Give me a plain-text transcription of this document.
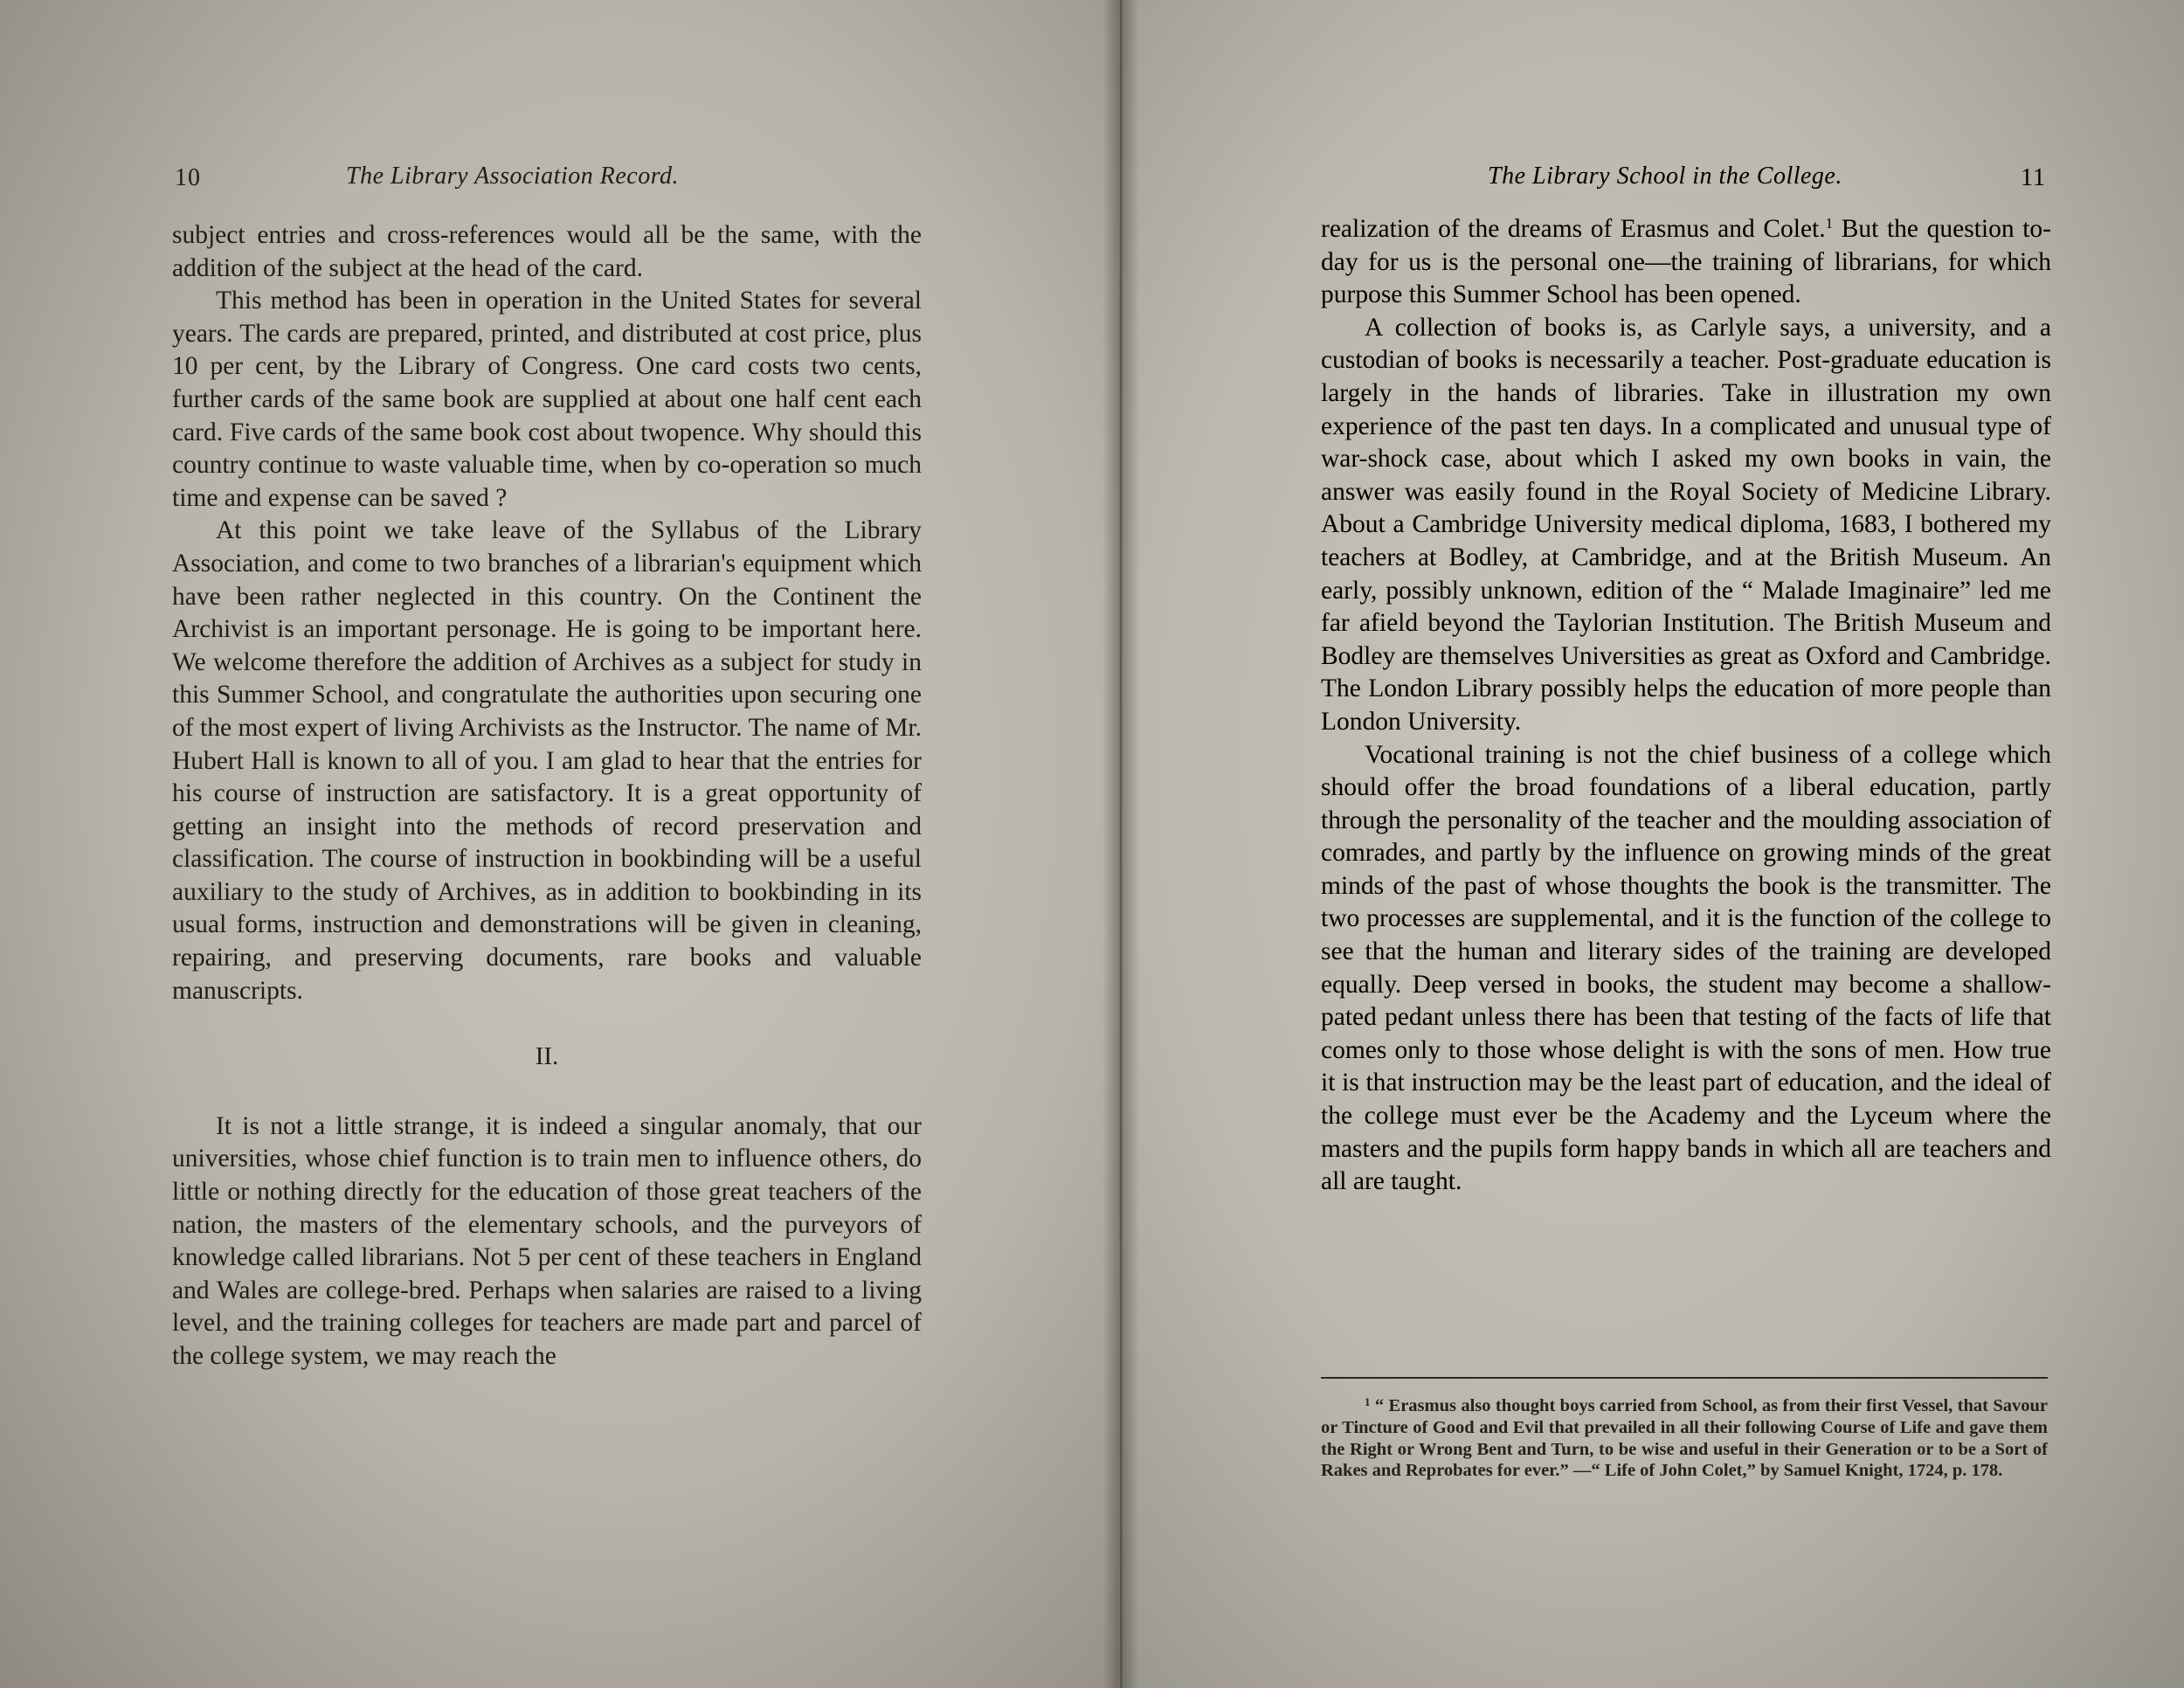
10	The Library Association Record.

subject entries and cross-references would all be the same, with the addition of the subject at the head of the card.

This method has been in operation in the United States for several years. The cards are prepared, printed, and distributed at cost price, plus 10 per cent, by the Library of Congress. One card costs two cents, further cards of the same book are supplied at about one half cent each card. Five cards of the same book cost about twopence. Why should this country continue to waste valuable time, when by co-operation so much time and expense can be saved ?

At this point we take leave of the Syllabus of the Library Association, and come to two branches of a librarian's equipment which have been rather neglected in this country. On the Continent the Archivist is an important personage. He is going to be important here. We welcome therefore the addition of Archives as a subject for study in this Summer School, and congratulate the authorities upon securing one of the most expert of living Archivists as the Instructor. The name of Mr. Hubert Hall is known to all of you. I am glad to hear that the entries for his course of instruction are satisfactory. It is a great opportunity of getting an insight into the methods of record preservation and classification. The course of instruction in bookbinding will be a useful auxiliary to the study of Archives, as in addition to bookbinding in its usual forms, instruction and demonstrations will be given in cleaning, repairing, and preserving documents, rare books and valuable manuscripts.

II.

It is not a little strange, it is indeed a singular anomaly, that our universities, whose chief function is to train men to influence others, do little or nothing directly for the education of those great teachers of the nation, the masters of the elementary schools, and the purveyors of knowledge called librarians. Not 5 per cent of these teachers in England and Wales are college-bred. Perhaps when salaries are raised to a living level, and the training colleges for teachers are made part and parcel of the college system, we may reach the

The Library School in the College.	11

realization of the dreams of Erasmus and Colet.$^1$ But the question to-day for us is the personal one—the training of librarians, for which purpose this Summer School has been opened.

A collection of books is, as Carlyle says, a university, and a custodian of books is necessarily a teacher. Post-graduate education is largely in the hands of libraries. Take in illustration my own experience of the past ten days. In a complicated and unusual type of war-shock case, about which I asked my own books in vain, the answer was easily found in the Royal Society of Medicine Library. About a Cambridge University medical diploma, 1683, I bothered my teachers at Bodley, at Cambridge, and at the British Museum. An early, possibly unknown, edition of the “ Malade Imaginaire” led me far afield beyond the Taylorian Institution. The British Museum and Bodley are themselves Universities as great as Oxford and Cambridge. The London Library possibly helps the education of more people than London University.

Vocational training is not the chief business of a college which should offer the broad foundations of a liberal education, partly through the personality of the teacher and the moulding association of comrades, and partly by the influence on growing minds of the great minds of the past of whose thoughts the book is the transmitter. The two processes are supplemental, and it is the function of the college to see that the human and literary sides of the training are developed equally. Deep versed in books, the student may become a shallow-pated pedant unless there has been that testing of the facts of life that comes only to those whose delight is with the sons of men. How true it is that instruction may be the least part of education, and the ideal of the college must ever be the Academy and the Lyceum where the masters and the pupils form happy bands in which all are teachers and all are taught.

$^1$ “ Erasmus also thought boys carried from School, as from their first Vessel, that Savour or Tincture of Good and Evil that prevailed in all their following Course of Life and gave them the Right or Wrong Bent and Turn, to be wise and useful in their Generation or to be a Sort of Rakes and Reprobates for ever.” —“ Life of John Colet,” by Samuel Knight, 1724, p. 178.
